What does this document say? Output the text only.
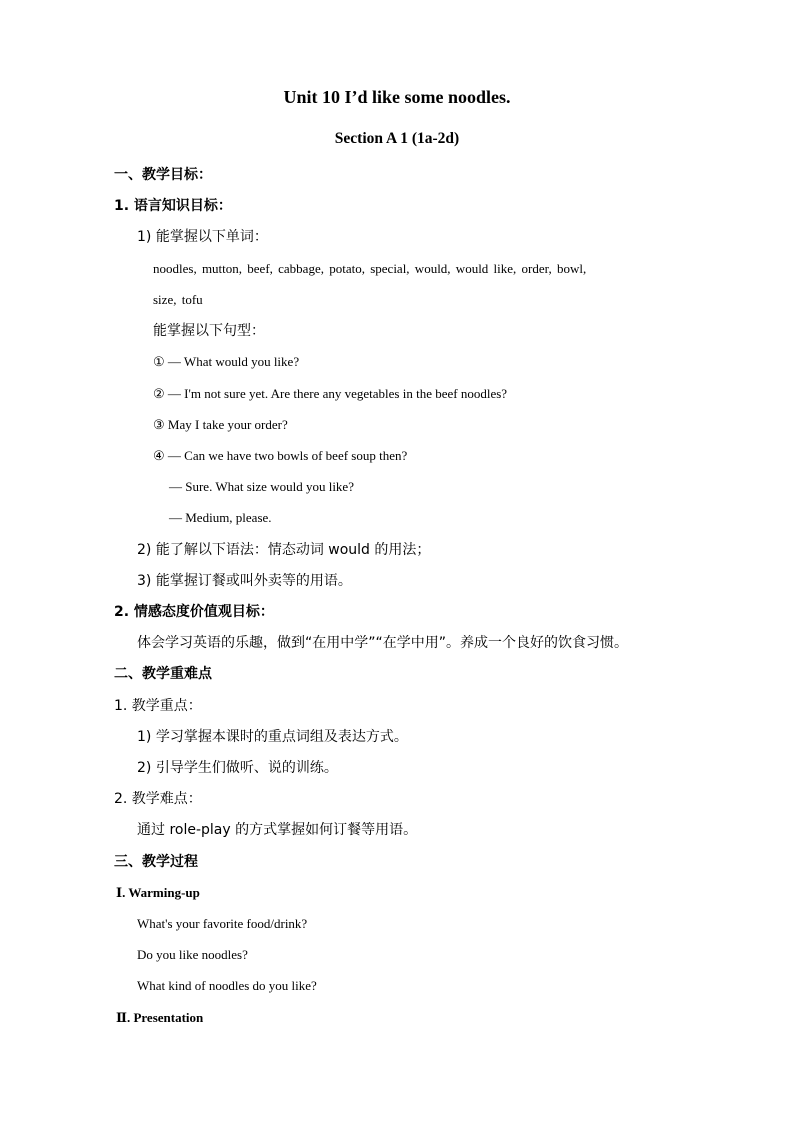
Unit 10 I’d like some noodles.
Section A 1 (1a-2d)
一、教学目标：
1. 语言知识目标：
1) 能掌握以下单词：
noodles, mutton, beef, cabbage, potato, special, would, would like, order, bowl,
size, tofu
能掌握以下句型：
① — What would you like?
② — I'm not sure yet. Are there any vegetables in the beef noodles?
③ May I take your order?
④ — Can we have two bowls of beef soup then?
— Sure. What size would you like?
— Medium, please.
2) 能了解以下语法：情态动词 would 的用法；
3) 能掌握订餐或叫外卖等的用语。
2. 情感态度价值观目标：
体会学习英语的乐趣，做到“在用中学”“在学中用”。养成一个良好的饮食习惯。
二、教学重难点
1. 教学重点：
1) 学习掌握本课时的重点词组及表达方式。
2) 引导学生们做听、说的训练。
2. 教学难点：
通过 role-play 的方式掌握如何订餐等用语。
三、教学过程
Ⅰ. Warming-up
What's your favorite food/drink?
Do you like noodles?
What kind of noodles do you like?
Ⅱ. Presentation
